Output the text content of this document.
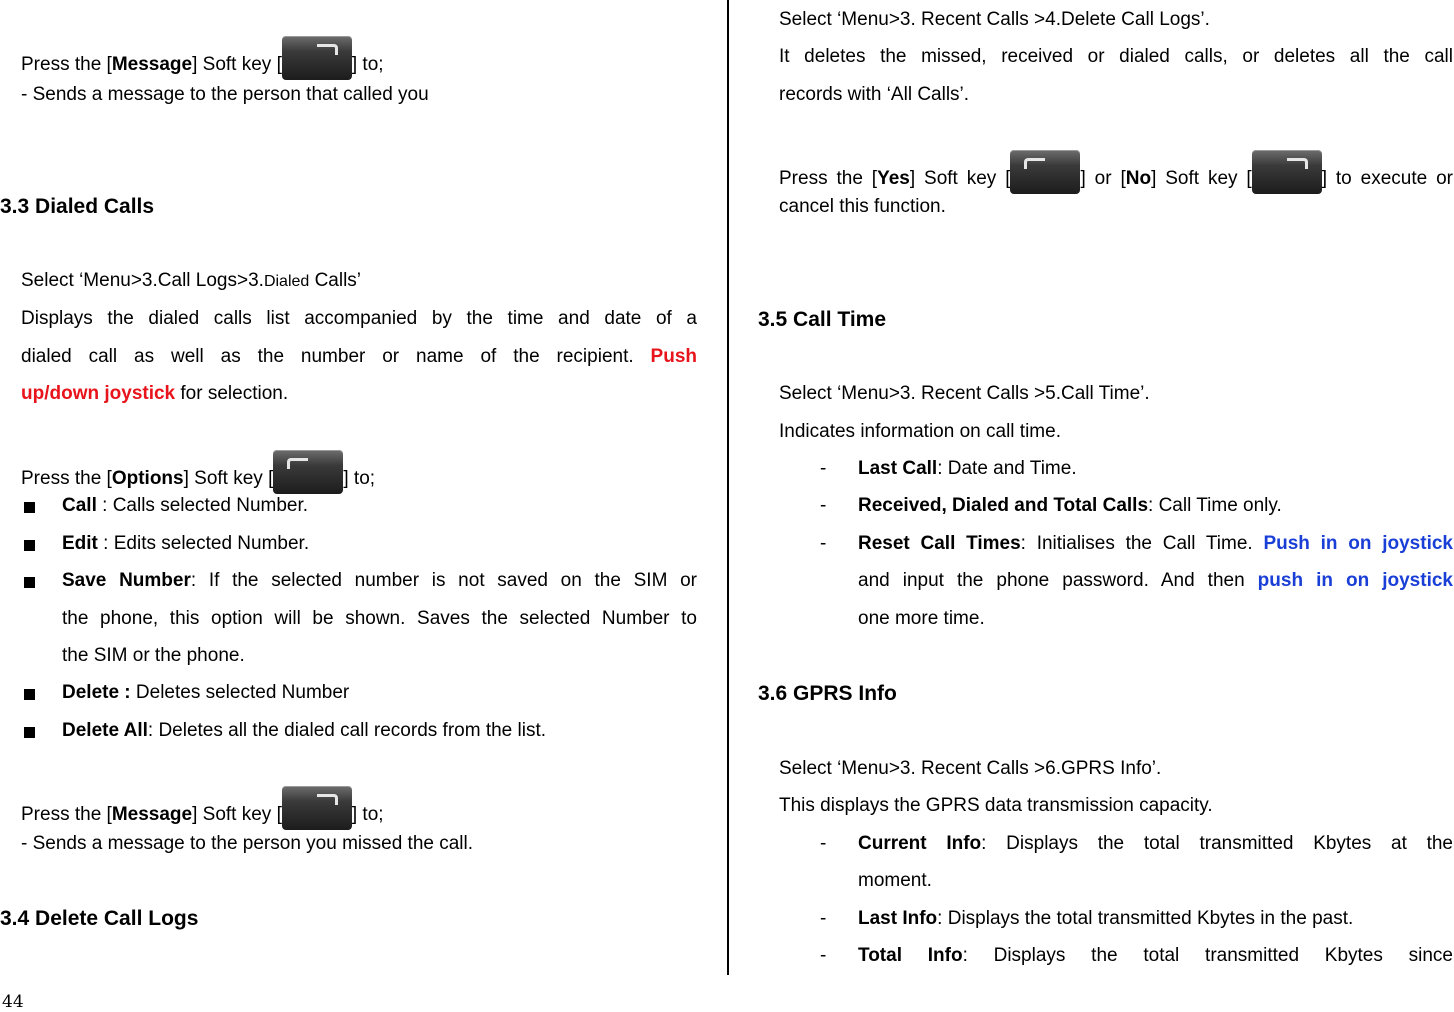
Press the [Message] Soft key [	] to;
- Sends a message to the person that called you
3.3 Dialed Calls
Select ‘Menu>3.Call Logs>3.Dialed Calls’
Displays the dialed calls list accompanied by the time and date of a
dialed call as well as the number or name of the recipient. Push
up/down joystick for selection.
Press the [Options] Soft key [	] to;
Call : Calls selected Number.
Edit : Edits selected Number.
Save Number: If the selected number is not saved on the SIM or
the phone, this option will be shown. Saves the selected Number to
the SIM or the phone.
Delete : Deletes selected Number
Delete All: Deletes all the dialed call records from the list.
Press the [Message] Soft key [	] to;
- Sends a message to the person you missed the call.
3.4 Delete Call Logs
Select ‘Menu>3. Recent Calls >4.Delete Call Logs’.
It deletes the missed, received or dialed calls, or deletes all the call
records with ‘All Calls’.
Press the [Yes] Soft key [	] or [No] Soft key [	] to execute or
cancel this function.
3.5 Call Time
Select ‘Menu>3. Recent Calls >5.Call Time’.
Indicates information on call time.
- Last Call: Date and Time.
- Received, Dialed and Total Calls: Call Time only.
- Reset Call Times: Initialises the Call Time. Push in on joystick
and input the phone password. And then push in on joystick
one more time.
3.6 GPRS Info
Select ‘Menu>3. Recent Calls >6.GPRS Info’.
This displays the GPRS data transmission capacity.
- Current Info: Displays the total transmitted Kbytes at the
moment.
- Last Info: Displays the total transmitted Kbytes in the past.
- Total Info: Displays the total transmitted Kbytes since
44
